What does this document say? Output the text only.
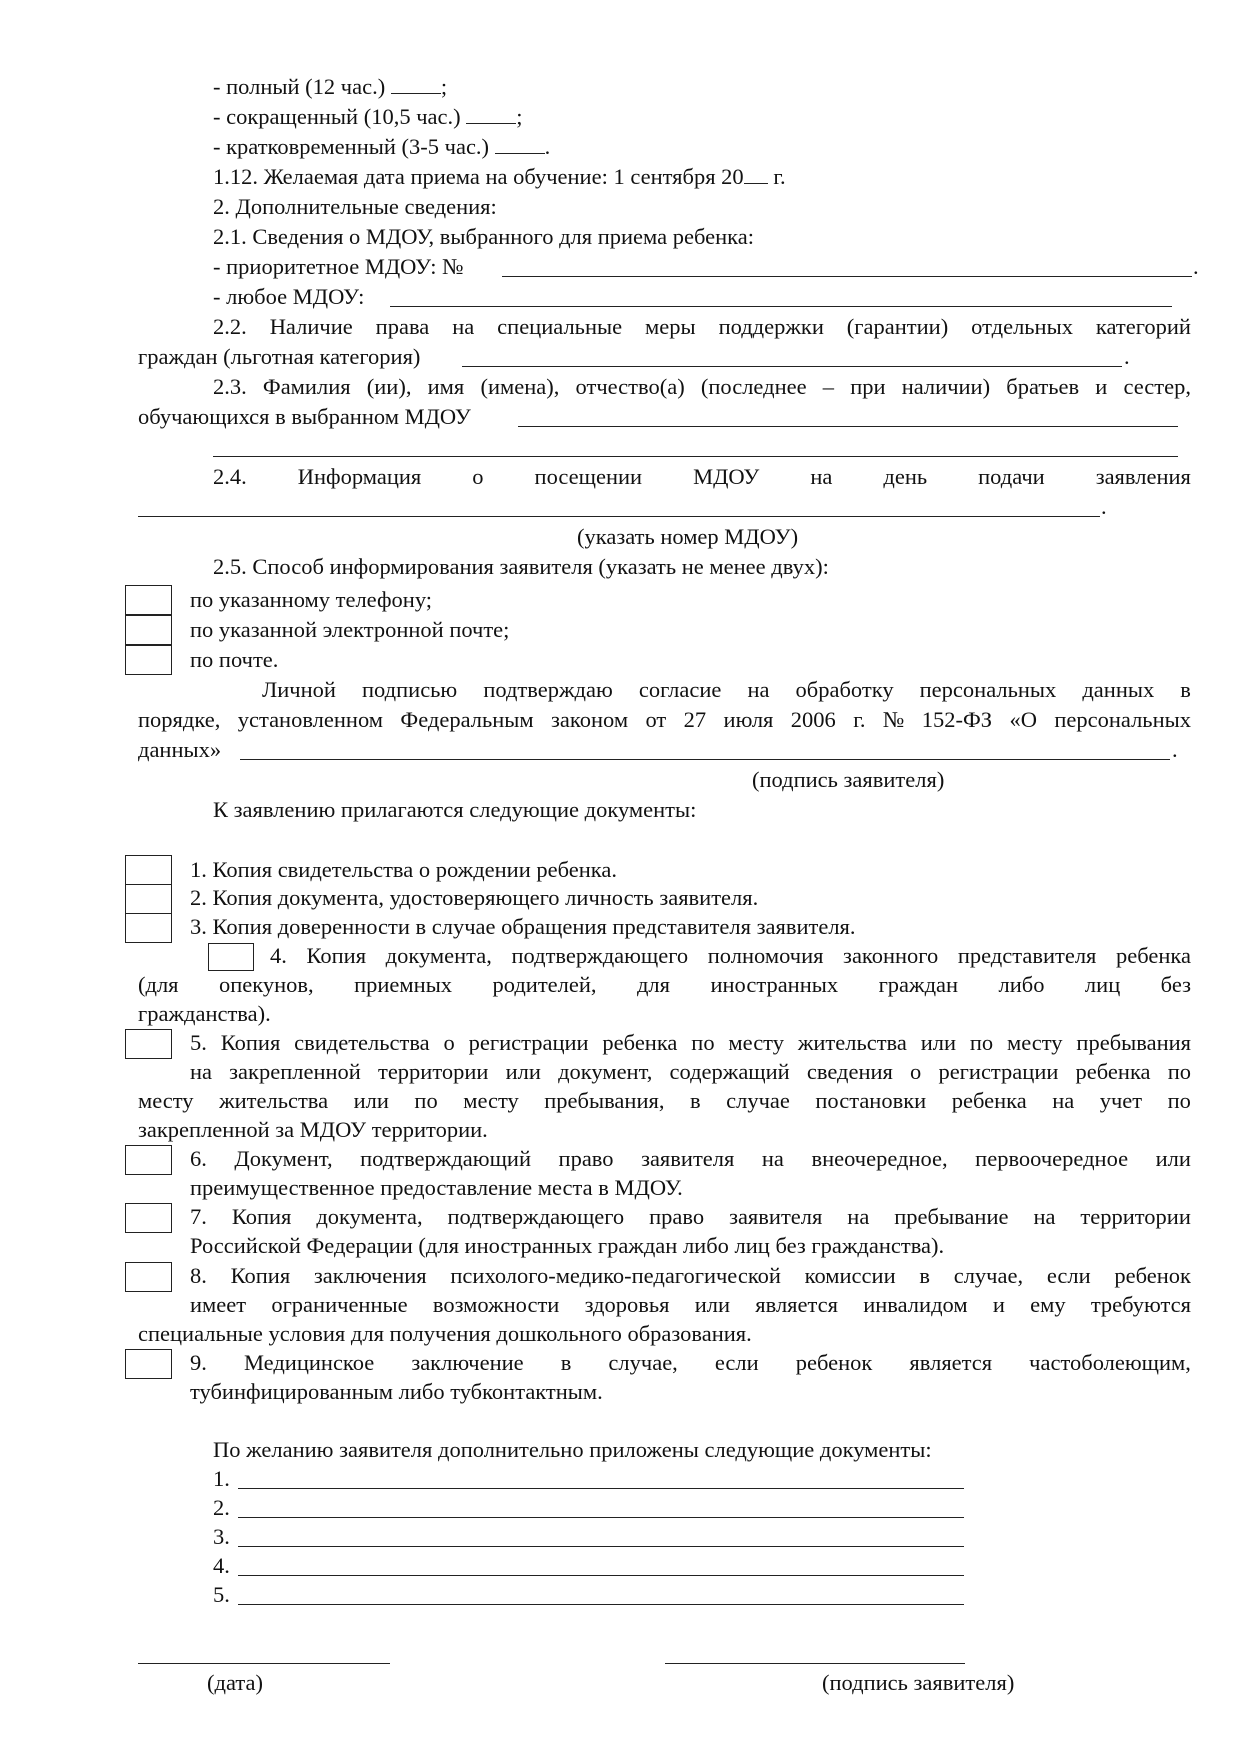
- полный (12 час.) ;
- сокращенный (10,5 час.) ;
- кратковременный (3-5 час.) .
1.12. Желаемая дата приема на обучение: 1 сентября 20 г.
2. Дополнительные сведения:
2.1. Сведения о МДОУ, выбранного для приема ребенка:
- приоритетное МДОУ: №	.
- любое МДОУ:
2.2. Наличие права на специальные меры поддержки (гарантии) отдельных категорий
граждан (льготная категория)	.
2.3. Фамилия (ии), имя (имена), отчество(а) (последнее – при наличии) братьев и сестер,
обучающихся в выбранном МДОУ
2.4. Информация о посещении МДОУ на день подачи заявления
.
(указать номер МДОУ)
2.5. Способ информирования заявителя (указать не менее двух):
по указанному телефону;
по указанной электронной почте;
по почте.
Личной подписью подтверждаю согласие на обработку персональных данных в
порядке, установленном Федеральным законом от 27 июля 2006 г. № 152-ФЗ «О персональных
данных»	.
(подпись заявителя)
К заявлению прилагаются следующие документы:
1. Копия свидетельства о рождении ребенка.
2. Копия документа, удостоверяющего личность заявителя.
3. Копия доверенности в случае обращения представителя заявителя.
4. Копия документа, подтверждающего полномочия законного представителя ребенка
(для опекунов, приемных родителей, для иностранных граждан либо лиц без
гражданства).
5. Копия свидетельства о регистрации ребенка по месту жительства или по месту пребывания
на закрепленной территории или документ, содержащий сведения о регистрации ребенка по
месту жительства или по месту пребывания, в случае постановки ребенка на учет по
закрепленной за МДОУ территории.
6. Документ, подтверждающий право заявителя на внеочередное, первоочередное или
преимущественное предоставление места в МДОУ.
7. Копия документа, подтверждающего право заявителя на пребывание на территории
Российской Федерации (для иностранных граждан либо лиц без гражданства).
8. Копия заключения психолого-медико-педагогической комиссии в случае, если ребенок
имеет ограниченные возможности здоровья или является инвалидом и ему требуются
специальные условия для получения дошкольного образования.
9. Медицинское заключение в случае, если ребенок является частоболеющим,
тубинфицированным либо тубконтактным.
По желанию заявителя дополнительно приложены следующие документы:
1.
2.
3.
4.
5.
(дата)	(подпись заявителя)
